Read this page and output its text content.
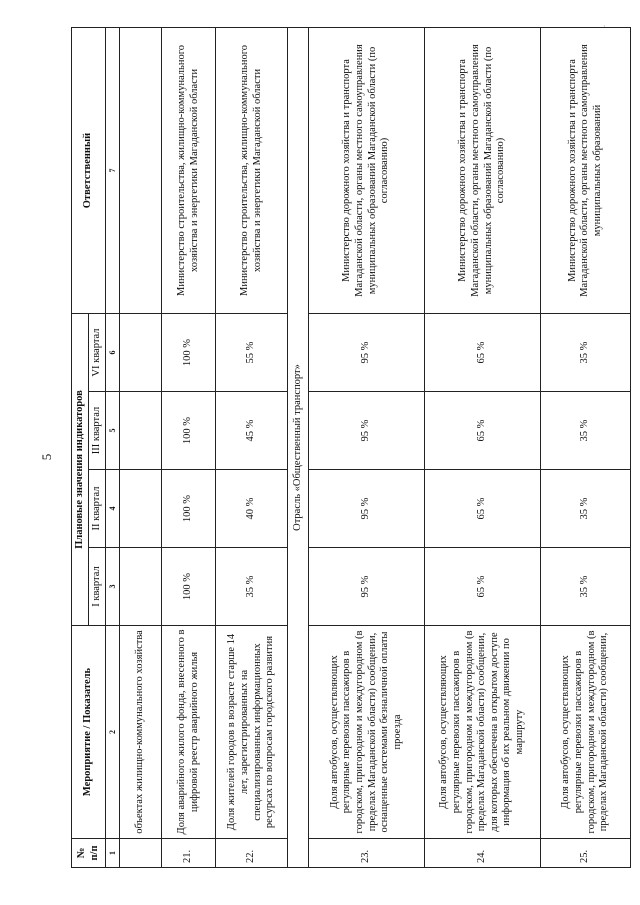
5
·
№ п/п	Мероприятие / Показатель	Плановые значения индикаторов				Ответственный
		I квартал	II квартал	III квартал	VI квартал	
1	2	3	4	5	6	7
	объектах жилищно-коммунального хозяйства					
21.	Доля аварийного жилого фонда, внесенного в цифровой реестр аварийного жилья	100 %	100 %	100 %	100 %	Министерство строительства, жилищно-коммунального хозяйства и энергетики Магаданской области
22.	Доля жителей городов в возрасте старше 14 лет, зарегистрированных на специализированных информационных ресурсах по вопросам городского развития	35 %	40 %	45 %	55 %	Министерство строительства, жилищно-коммунального хозяйства и энергетики Магаданской области
Отрасль «Общественный транспорт»						
23.	Доля автобусов, осуществляющих регулярные перевозки пассажиров в городском, пригородном и междугородном (в пределах Магаданской области) сообщении, оснащенные системами безналичной оплаты проезда	95 %	95 %	95 %	95 %	Министерство дорожного хозяйства и транспорта Магаданской области, органы местного самоуправления муниципальных образований Магаданской области (по согласованию)
24.	Доля автобусов, осуществляющих регулярные перевозки пассажиров в городском, пригородном и междугородном (в пределах Магаданской области) сообщении, для которых обеспечена в открытом доступе информация об их реальном движении по маршруту	65 %	65 %	65 %	65 %	Министерство дорожного хозяйства и транспорта Магаданской области, органы местного самоуправления муниципальных образований Магаданской области (по согласованию)
25.	Доля автобусов, осуществляющих регулярные перевозки пассажиров в городском, пригородном и междугородном (в пределах Магаданской области) сообщении,	35 %	35 %	35 %	35 %	Министерство дорожного хозяйства и транспорта Магаданской области, органы местного самоуправления муниципальных образований
